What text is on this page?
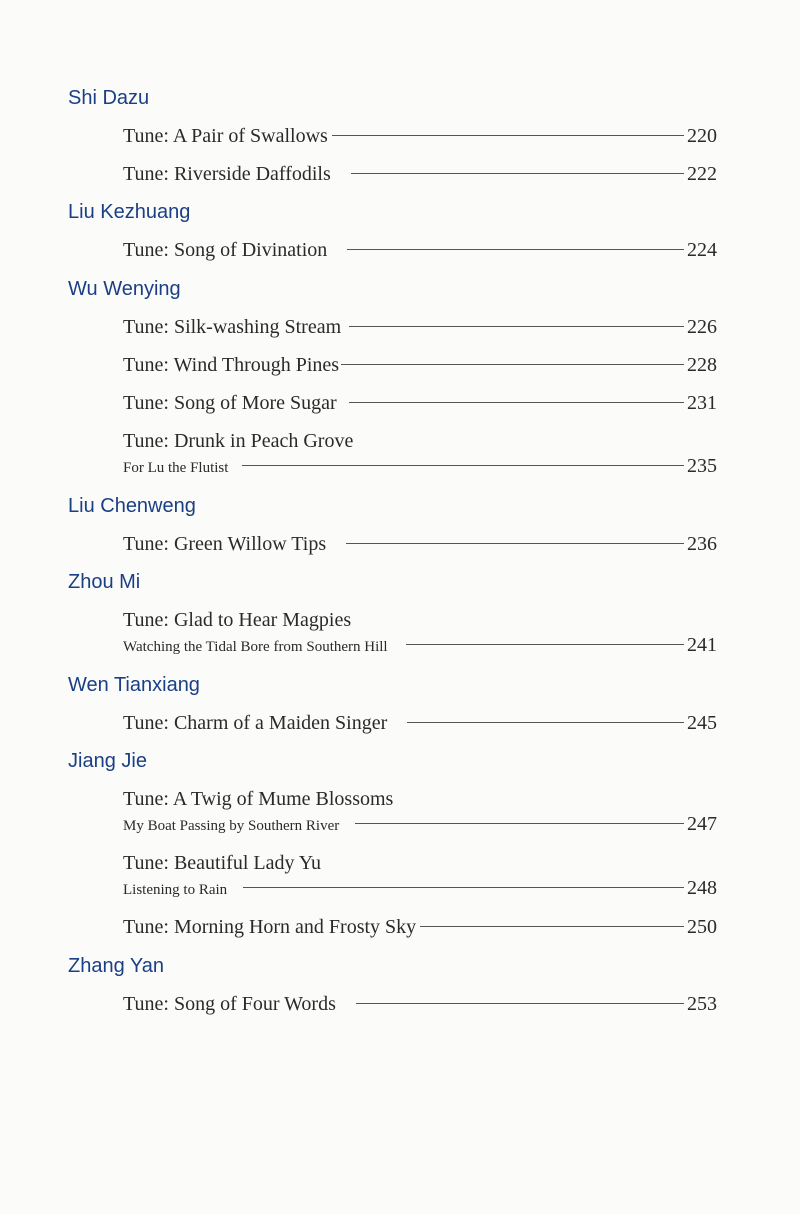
Shi Dazu
Tune: A Pair of Swallows	220
Tune: Riverside Daffodils	222
Liu Kezhuang
Tune: Song of Divination	224
Wu Wenying
Tune: Silk-washing Stream	226
Tune: Wind Through Pines	228
Tune: Song of More Sugar	231
Tune: Drunk in Peach Grove
For Lu the Flutist	235
Liu Chenweng
Tune: Green Willow Tips	236
Zhou Mi
Tune: Glad to Hear Magpies
Watching the Tidal Bore from Southern Hill	241
Wen Tianxiang
Tune: Charm of a Maiden Singer	245
Jiang Jie
Tune: A Twig of Mume Blossoms
My Boat Passing by Southern River	247
Tune: Beautiful Lady Yu
Listening to Rain	248
Tune: Morning Horn and Frosty Sky	250
Zhang Yan
Tune: Song of Four Words	253
